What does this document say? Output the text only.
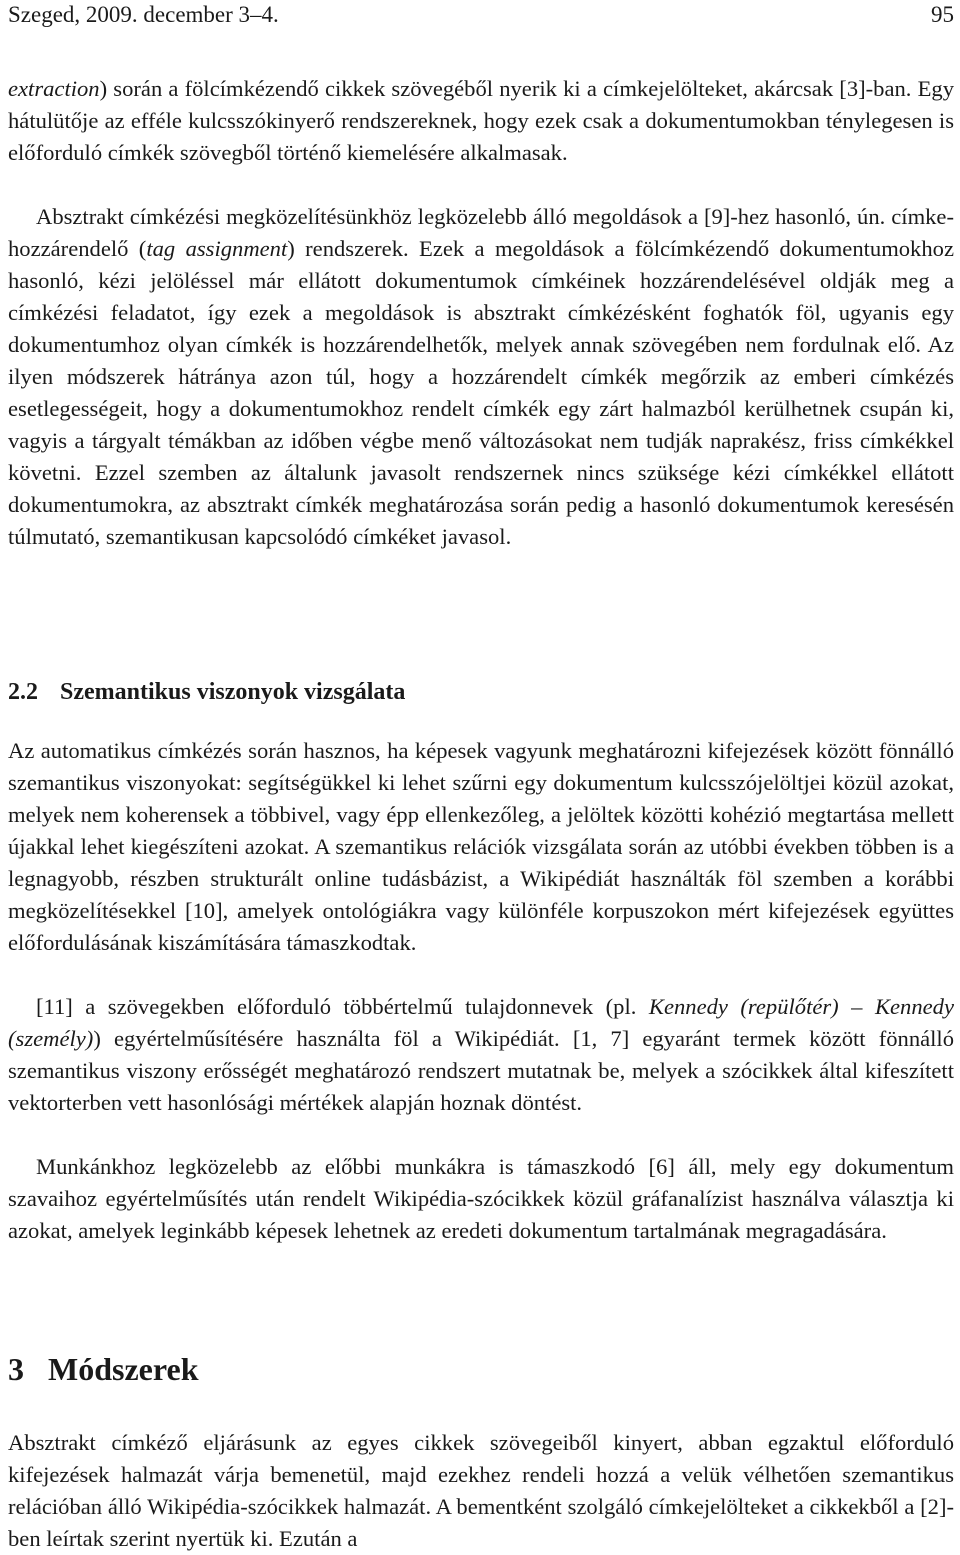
Szeged, 2009. december 3–4.	95

extraction) során a fölcímkézendő cikkek szövegéből nyerik ki a címkejelölteket, akárcsak [3]-ban. Egy hátulütője az efféle kulcsszókinyerő rendszereknek, hogy ezek csak a dokumentumokban ténylegesen is előforduló címkék szövegből történő kiemelésére alkalmasak.

Absztrakt címkézési megközelítésünkhöz legközelebb álló megoldások a [9]-hez hasonló, ún. címke-hozzárendelő (tag assignment) rendszerek. Ezek a megoldások a fölcímkézendő dokumentumokhoz hasonló, kézi jelöléssel már ellátott dokumentumok címkéinek hozzárendelésével oldják meg a címkézési feladatot, így ezek a megoldások is absztrakt címkézésként foghatók föl, ugyanis egy dokumentumhoz olyan címkék is hozzárendelhetők, melyek annak szövegében nem fordulnak elő. Az ilyen módszerek hátránya azon túl, hogy a hozzárendelt címkék megőrzik az emberi címkézés esetlegességeit, hogy a dokumentumokhoz rendelt címkék egy zárt halmazból kerülhetnek csupán ki, vagyis a tárgyalt témákban az időben végbe menő változásokat nem tudják naprakész, friss címkékkel követni. Ezzel szemben az általunk javasolt rendszernek nincs szüksége kézi címkékkel ellátott dokumentumokra, az absztrakt címkék meghatározása során pedig a hasonló dokumentumok keresésén túlmutató, szemantikusan kapcsolódó címkéket javasol.

2.2 Szemantikus viszonyok vizsgálata

Az automatikus címkézés során hasznos, ha képesek vagyunk meghatározni kifejezések között fönnálló szemantikus viszonyokat: segítségükkel ki lehet szűrni egy dokumentum kulcsszójelöltjei közül azokat, melyek nem koherensek a többivel, vagy épp ellenkezőleg, a jelöltek közötti kohézió megtartása mellett újakkal lehet kiegészíteni azokat. A szemantikus relációk vizsgálata során az utóbbi években többen is a legnagyobb, részben strukturált online tudásbázist, a Wikipédiát használták föl szemben a korábbi megközelítésekkel [10], amelyek ontológiákra vagy különféle korpuszokon mért kifejezések együttes előfordulásának kiszámítására támaszkodtak.

[11] a szövegekben előforduló többértelmű tulajdonnevek (pl. Kennedy (repülőtér) – Kennedy (személy)) egyértelműsítésére használta föl a Wikipédiát. [1, 7] egyaránt termek között fönnálló szemantikus viszony erősségét meghatározó rendszert mutatnak be, melyek a szócikkek által kifeszített vektorterben vett hasonlósági mértékek alapján hoznak döntést.

Munkánkhoz legközelebb az előbbi munkákra is támaszkodó [6] áll, mely egy dokumentum szavaihoz egyértelműsítés után rendelt Wikipédia-szócikkek közül gráfanalízist használva választja ki azokat, amelyek leginkább képesek lehetnek az eredeti dokumentum tartalmának megragadására.

3 Módszerek

Absztrakt címkéző eljárásunk az egyes cikkek szövegeiből kinyert, abban egzaktul előforduló kifejezések halmazát várja bemenetül, majd ezekhez rendeli hozzá a velük vélhetően szemantikus relációban álló Wikipédia-szócikkek halmazát. A bementként szolgáló címkejelölteket a cikkekből a [2]-ben leírtak szerint nyertük ki. Ezután a
